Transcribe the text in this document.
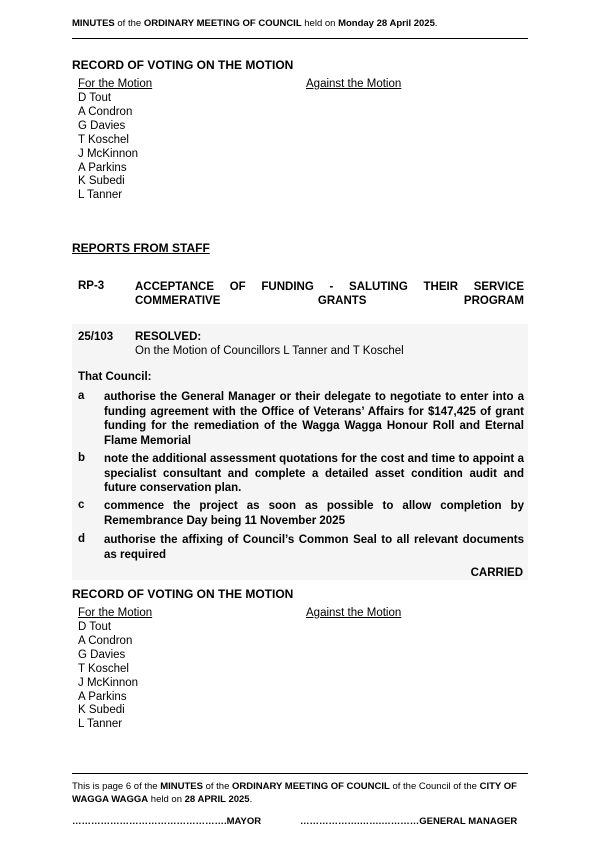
MINUTES of the ORDINARY MEETING OF COUNCIL held on Monday 28 April 2025.
RECORD OF VOTING ON THE MOTION
For the Motion	Against the Motion
D Tout
A Condron
G Davies
T Koschel
J McKinnon
A Parkins
K Subedi
L Tanner
REPORTS FROM STAFF
RP-3	ACCEPTANCE OF FUNDING - SALUTING THEIR SERVICE COMMERATIVE GRANTS PROGRAM
25/103 RESOLVED:
On the Motion of Councillors L Tanner and T Koschel
That Council:
a authorise the General Manager or their delegate to negotiate to enter into a funding agreement with the Office of Veterans’ Affairs for $147,425 of grant funding for the remediation of the Wagga Wagga Honour Roll and Eternal Flame Memorial
b note the additional assessment quotations for the cost and time to appoint a specialist consultant and complete a detailed asset condition audit and future conservation plan.
c commence the project as soon as possible to allow completion by Remembrance Day being 11 November 2025
d authorise the affixing of Council’s Common Seal to all relevant documents as required
CARRIED
RECORD OF VOTING ON THE MOTION
For the Motion	Against the Motion
D Tout
A Condron
G Davies
T Koschel
J McKinnon
A Parkins
K Subedi
L Tanner
This is page 6 of the MINUTES of the ORDINARY MEETING OF COUNCIL of the Council of the CITY OF WAGGA WAGGA held on 28 APRIL 2025.
………………………………………….MAYOR	……………….…….…………GENERAL MANAGER
